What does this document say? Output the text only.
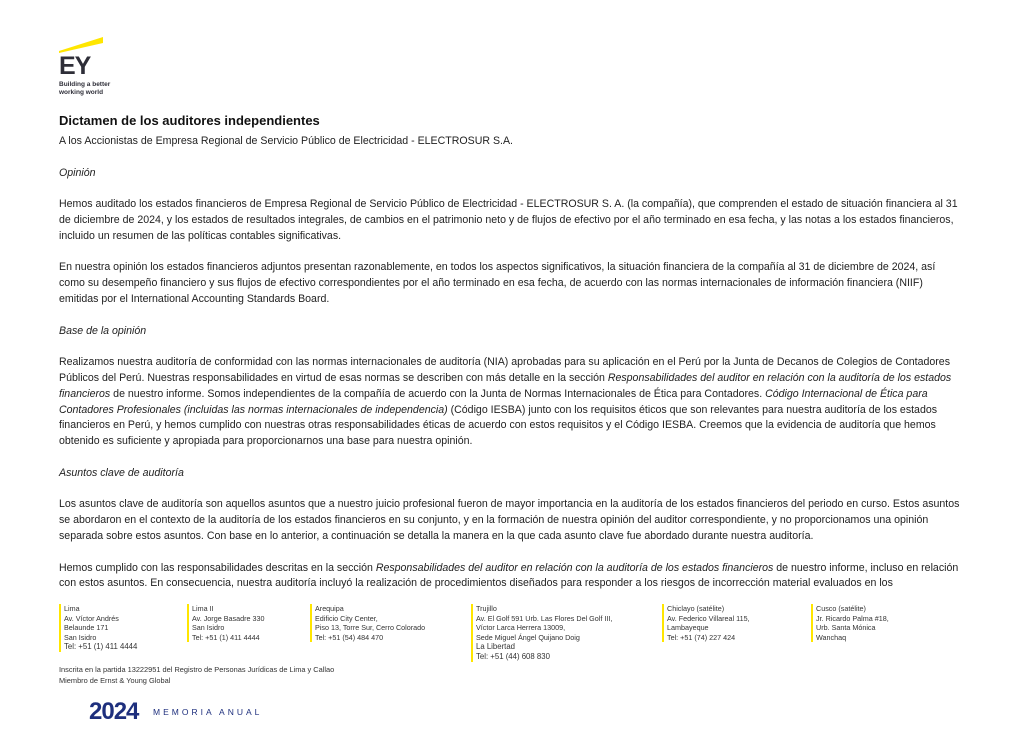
EY
Building a better
working world
Dictamen de los auditores independientes

A los Accionistas de Empresa Regional de Servicio Público de Electricidad - ELECTROSUR S.A.

Opinión

Hemos auditado los estados financieros de Empresa Regional de Servicio Público de Electricidad - ELECTROSUR S. A. (la compañía), que comprenden el estado de situación financiera al 31 de diciembre de 2024, y los estados de resultados integrales, de cambios en el patrimonio neto y de flujos de efectivo por el año terminado en esa fecha, y las notas a los estados financieros, incluido un resumen de las políticas contables significativas.

En nuestra opinión los estados financieros adjuntos presentan razonablemente, en todos los aspectos significativos, la situación financiera de la compañía al 31 de diciembre de 2024, así como su desempeño financiero y sus flujos de efectivo correspondientes por el año terminado en esa fecha, de acuerdo con las normas internacionales de información financiera (NIIF) emitidas por el International Accounting Standards Board.

Base de la opinión

Realizamos nuestra auditoría de conformidad con las normas internacionales de auditoría (NIA) aprobadas para su aplicación en el Perú por la Junta de Decanos de Colegios de Contadores Públicos del Perú. Nuestras responsabilidades en virtud de esas normas se describen con más detalle en la sección Responsabilidades del auditor en relación con la auditoría de los estados financieros de nuestro informe. Somos independientes de la compañía de acuerdo con la Junta de Normas Internacionales de Ética para Contadores. Código Internacional de Ética para Contadores Profesionales (incluidas las normas internacionales de independencia) (Código IESBA) junto con los requisitos éticos que son relevantes para nuestra auditoría de los estados financieros en Perú, y hemos cumplido con nuestras otras responsabilidades éticas de acuerdo con estos requisitos y el Código IESBA. Creemos que la evidencia de auditoría que hemos obtenido es suficiente y apropiada para proporcionarnos una base para nuestra opinión.

Asuntos clave de auditoría

Los asuntos clave de auditoría son aquellos asuntos que a nuestro juicio profesional fueron de mayor importancia en la auditoría de los estados financieros del periodo en curso. Estos asuntos se abordaron en el contexto de la auditoría de los estados financieros en su conjunto, y en la formación de nuestra opinión del auditor correspondiente, y no proporcionamos una opinión separada sobre estos asuntos. Con base en lo anterior, a continuación se detalla la manera en la que cada asunto clave fue abordado durante nuestra auditoría.

Hemos cumplido con las responsabilidades descritas en la sección Responsabilidades del auditor en relación con la auditoría de los estados financieros de nuestro informe, incluso en relación con estos asuntos. En consecuencia, nuestra auditoría incluyó la realización de procedimientos diseñados para responder a los riesgos de incorrección material evaluados en los

Lima
Av. Víctor Andrés
Belaunde 171
San Isidro
Tel: +51 (1) 411 4444
Lima II
Av. Jorge Basadre 330
San Isidro
Tel: +51 (1) 411 4444
Arequipa
Edificio City Center,
Piso 13, Torre Sur, Cerro Colorado
Tel: +51 (54) 484 470
Trujillo
Av. El Golf 591 Urb. Las Flores Del Golf III,
Víctor Larca Herrera 13009,
Sede Miguel Ángel Quijano Doig
La Libertad
Tel: +51 (44) 608 830
Chiclayo (satélite)
Av. Federico Villareal 115,
Lambayeque
Tel: +51 (74) 227 424
Cusco (satélite)
Jr. Ricardo Palma #18,
Urb. Santa Mónica
Wanchaq
Inscrita en la partida 13222951 del Registro de Personas Jurídicas de Lima y Callao
Miembro de Ernst & Young Global
2024 MEMORIA ANUAL
